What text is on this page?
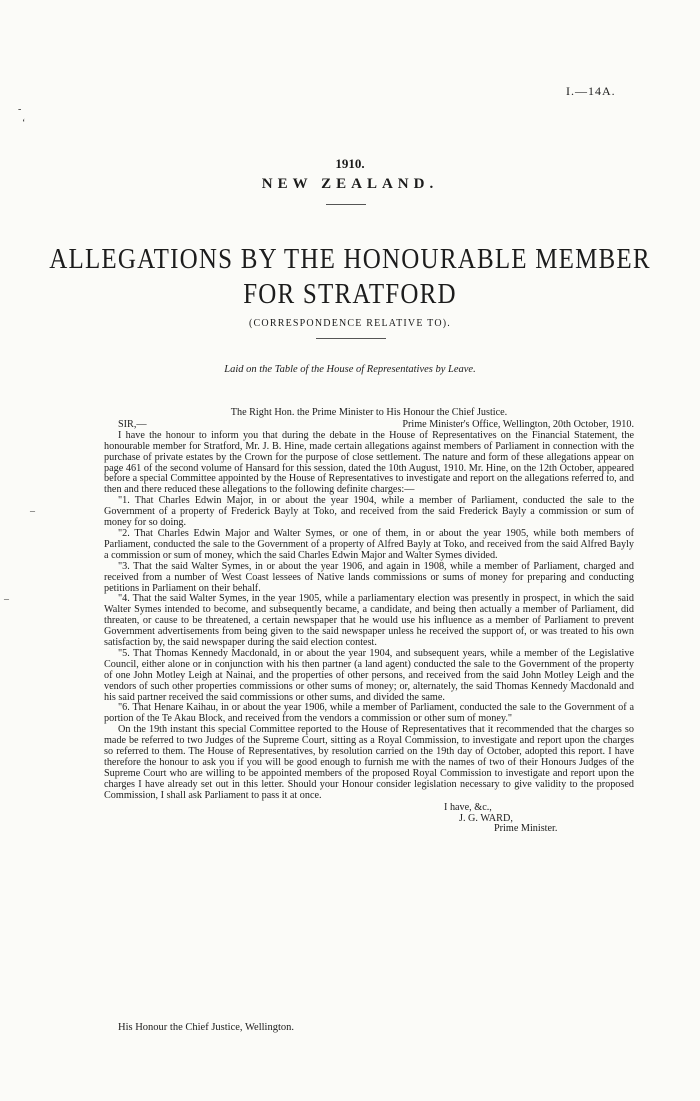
I.—14A.
1910.
NEW ZEALAND.
ALLEGATIONS BY THE HONOURABLE MEMBER
FOR STRATFORD
(CORRESPONDENCE RELATIVE TO).
Laid on the Table of the House of Representatives by Leave.

The Right Hon. the Prime Minister to His Honour the Chief Justice.

SIR,—	Prime Minister's Office, Wellington, 20th October, 1910.

I have the honour to inform you that during the debate in the House of Representatives on the Financial Statement, the honourable member for Stratford, Mr. J. B. Hine, made certain allegations against members of Parliament in connection with the purchase of private estates by the Crown for the purpose of close settlement. The nature and form of these allegations appear on page 461 of the second volume of Hansard for this session, dated the 10th August, 1910. Mr. Hine, on the 12th October, appeared before a special Committee appointed by the House of Representatives to investigate and report on the allegations referred to, and then and there reduced these allegations to the following definite charges:—

"1. That Charles Edwin Major, in or about the year 1904, while a member of Parliament, conducted the sale to the Government of a property of Frederick Bayly at Toko, and received from the said Frederick Bayly a commission or sum of money for so doing.

"2. That Charles Edwin Major and Walter Symes, or one of them, in or about the year 1905, while both members of Parliament, conducted the sale to the Government of a property of Alfred Bayly at Toko, and received from the said Alfred Bayly a commission or sum of money, which the said Charles Edwin Major and Walter Symes divided.

"3. That the said Walter Symes, in or about the year 1906, and again in 1908, while a member of Parliament, charged and received from a number of West Coast lessees of Native lands commissions or sums of money for preparing and conducting petitions in Parliament on their behalf.

"4. That the said Walter Symes, in the year 1905, while a parliamentary election was presently in prospect, in which the said Walter Symes intended to become, and subsequently became, a candidate, and being then actually a member of Parliament, did threaten, or cause to be threatened, a certain newspaper that he would use his influence as a member of Parliament to prevent Government advertisements from being given to the said newspaper unless he received the support of, or was treated to his own satisfaction by, the said newspaper during the said election contest.

"5. That Thomas Kennedy Macdonald, in or about the year 1904, and subsequent years, while a member of the Legislative Council, either alone or in conjunction with his then partner (a land agent) conducted the sale to the Government of the property of one John Motley Leigh at Nainai, and the properties of other persons, and received from the said John Motley Leigh and the vendors of such other properties commissions or other sums of money; or, alternately, the said Thomas Kennedy Macdonald and his said partner received the said commissions or other sums, and divided the same.

"6. That Henare Kaihau, in or about the year 1906, while a member of Parliament, conducted the sale to the Government of a portion of the Te Akau Block, and received from the vendors a commission or other sum of money."

On the 19th instant this special Committee reported to the House of Representatives that it recommended that the charges so made be referred to two Judges of the Supreme Court, sitting as a Royal Commission, to investigate and report upon the charges so referred to them. The House of Representatives, by resolution carried on the 19th day of October, adopted this report. I have therefore the honour to ask you if you will be good enough to furnish me with the names of two of their Honours Judges of the Supreme Court who are willing to be appointed members of the proposed Royal Commission to investigate and report upon the charges I have already set out in this letter. Should your Honour consider legislation necessary to give validity to the proposed Commission, I shall ask Parliament to pass it at once.

I have, &c.,
J. G. WARD,
Prime Minister.
His Honour the Chief Justice, Wellington.
-
‘
–
–
